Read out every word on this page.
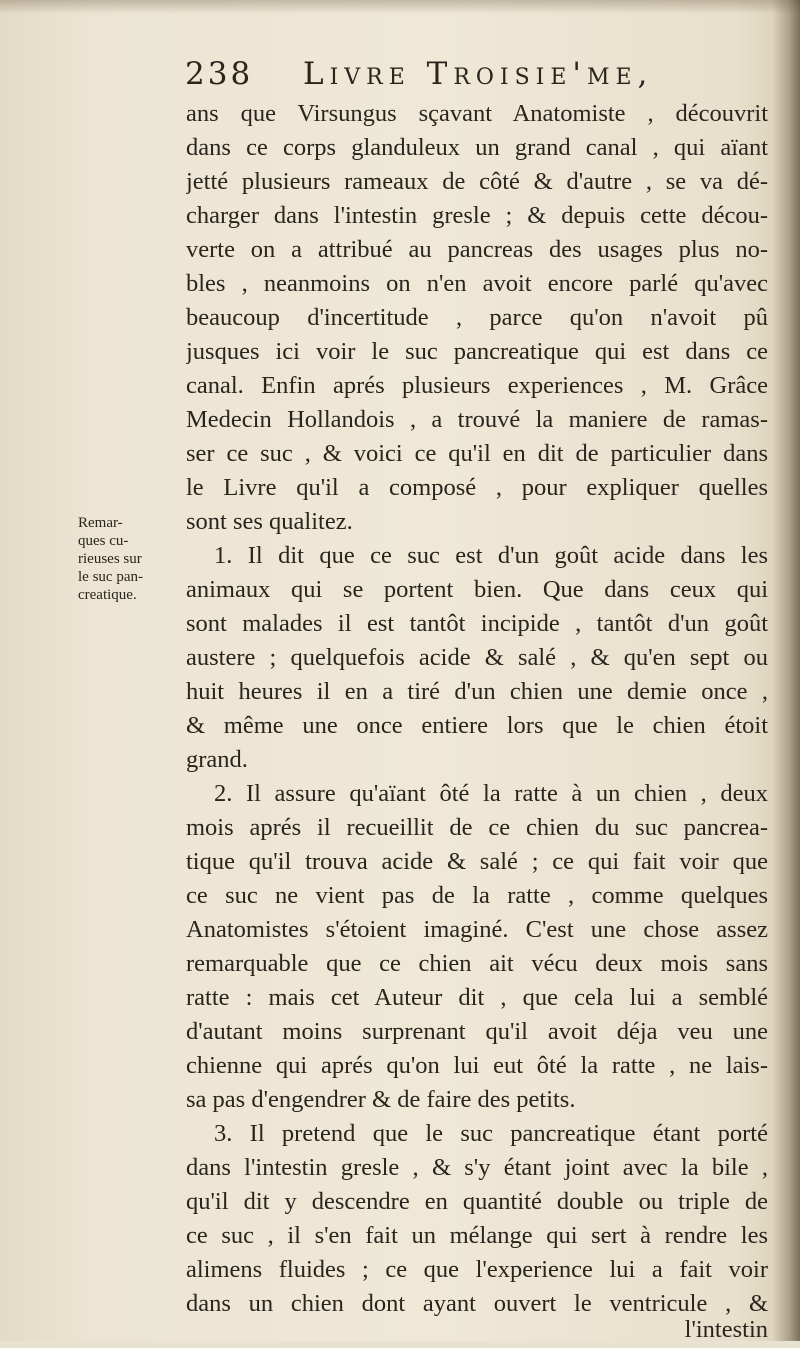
238 Livre Troisie'me,
Remar-
ques cu-
rieuses sur
le suc pan-
creatique.
ans que Virsungus sçavant Anatomiste , découvrit
dans ce corps glanduleux un grand canal , qui aïant
jetté plusieurs rameaux de côté & d'autre , se va dé-
charger dans l'intestin gresle ; & depuis cette décou-
verte on a attribué au pancreas des usages plus no-
bles , neanmoins on n'en avoit encore parlé qu'avec
beaucoup d'incertitude , parce qu'on n'avoit pû
jusques ici voir le suc pancreatique qui est dans ce
canal. Enfin aprés plusieurs experiences , M. Grâce
Medecin Hollandois , a trouvé la maniere de ramas-
ser ce suc , & voici ce qu'il en dit de particulier dans
le Livre qu'il a composé , pour expliquer quelles
sont ses qualitez.
1. Il dit que ce suc est d'un goût acide dans les
animaux qui se portent bien. Que dans ceux qui
sont malades il est tantôt incipide , tantôt d'un goût
austere ; quelquefois acide & salé , & qu'en sept ou
huit heures il en a tiré d'un chien une demie once ,
& même une once entiere lors que le chien étoit
grand.
2. Il assure qu'aïant ôté la ratte à un chien , deux
mois aprés il recueillit de ce chien du suc pancrea-
tique qu'il trouva acide & salé ; ce qui fait voir que
ce suc ne vient pas de la ratte , comme quelques
Anatomistes s'étoient imaginé. C'est une chose assez
remarquable que ce chien ait vécu deux mois sans
ratte : mais cet Auteur dit , que cela lui a semblé
d'autant moins surprenant qu'il avoit déja veu une
chienne qui aprés qu'on lui eut ôté la ratte , ne lais-
sa pas d'engendrer & de faire des petits.
3. Il pretend que le suc pancreatique étant porté
dans l'intestin gresle , & s'y étant joint avec la bile ,
qu'il dit y descendre en quantité double ou triple de
ce suc , il s'en fait un mélange qui sert à rendre les
alimens fluides ; ce que l'experience lui a fait voir
dans un chien dont ayant ouvert le ventricule , &
l'intestin
